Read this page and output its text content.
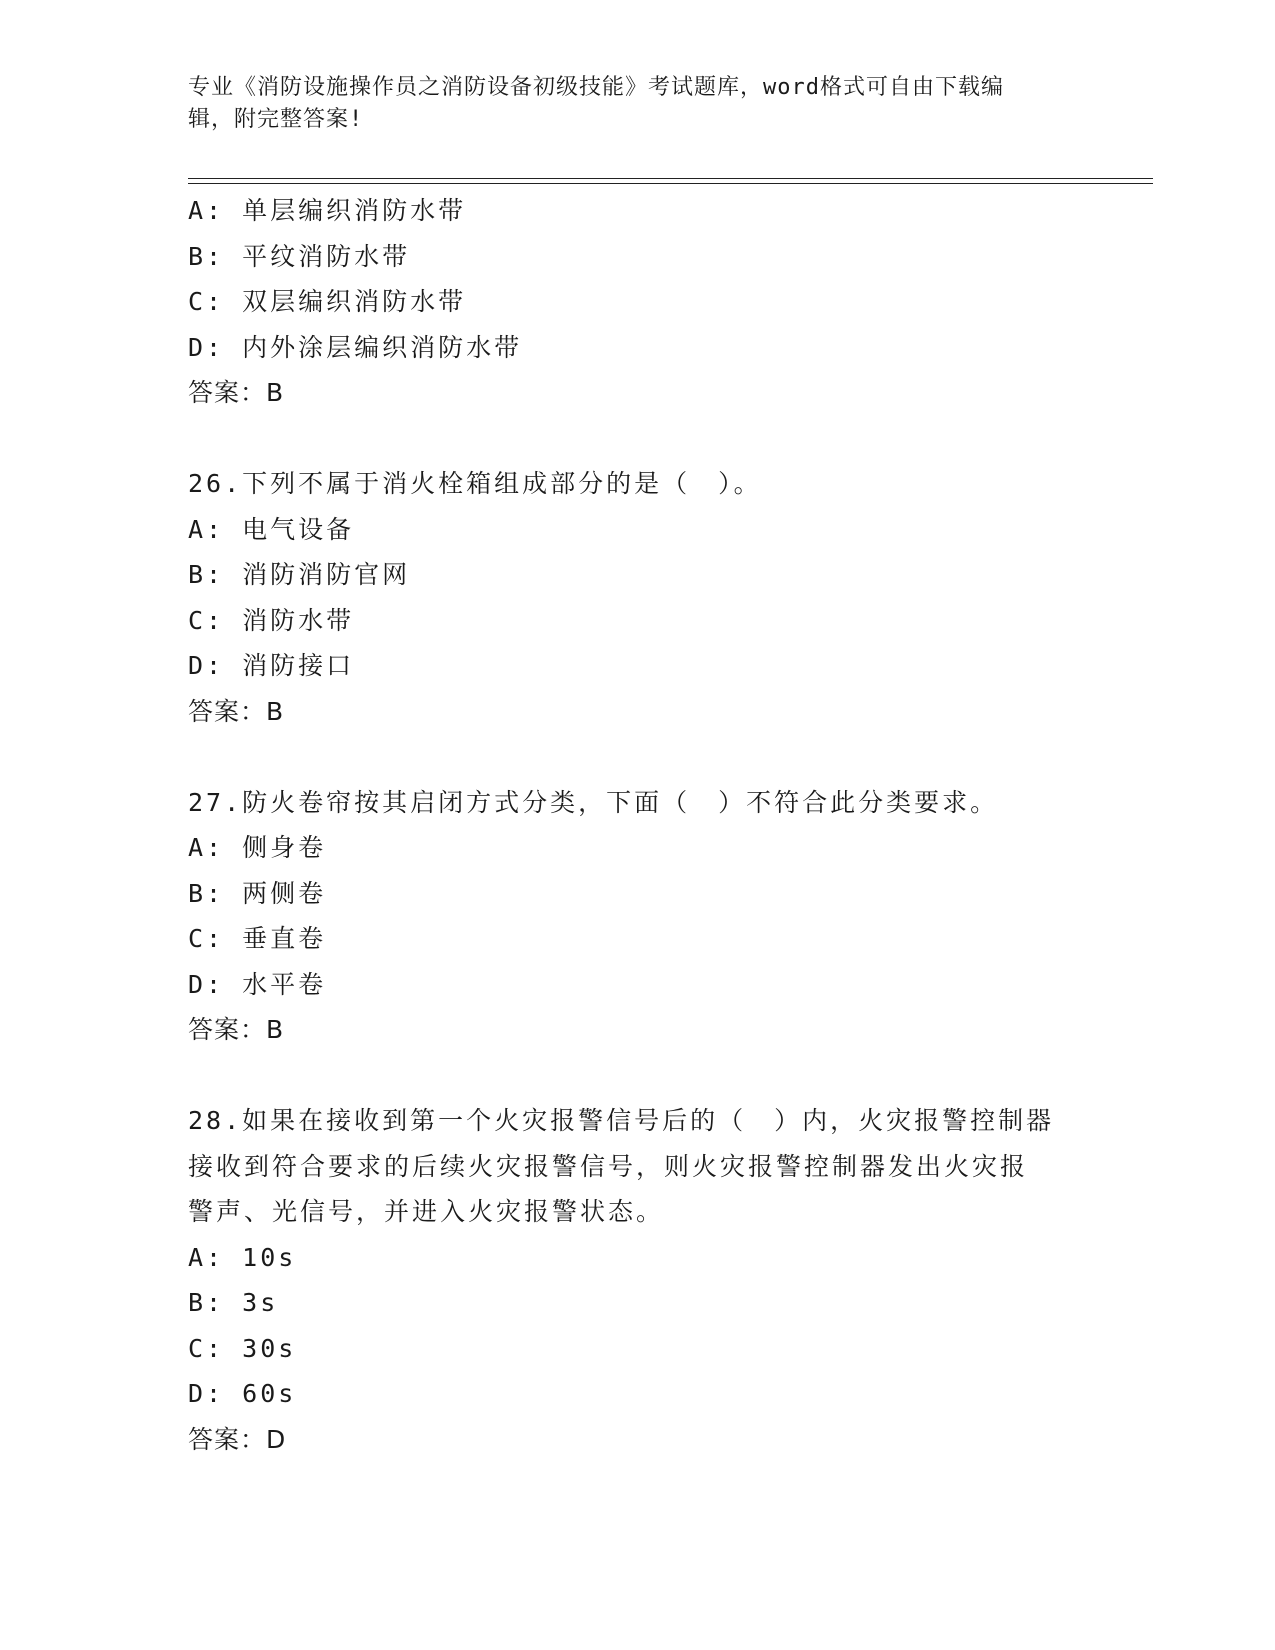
专业《消防设施操作员之消防设备初级技能》考试题库，word格式可自由下载编
辑，附完整答案!

A: 单层编织消防水带

B: 平纹消防水带

C: 双层编织消防水带

D: 内外涂层编织消防水带

答案：B

26.下列不属于消火栓箱组成部分的是（　）。

A: 电气设备

B: 消防消防官网

C: 消防水带

D: 消防接口

答案：B

27.防火卷帘按其启闭方式分类，下面（　）不符合此分类要求。

A: 侧身卷

B: 两侧卷

C: 垂直卷

D: 水平卷

答案：B

28.如果在接收到第一个火灾报警信号后的（　）内，火灾报警控制器

接收到符合要求的后续火灾报警信号，则火灾报警控制器发出火灾报

警声、光信号，并进入火灾报警状态。

A: 10s

B: 3s

C: 30s

D: 60s

答案：D
